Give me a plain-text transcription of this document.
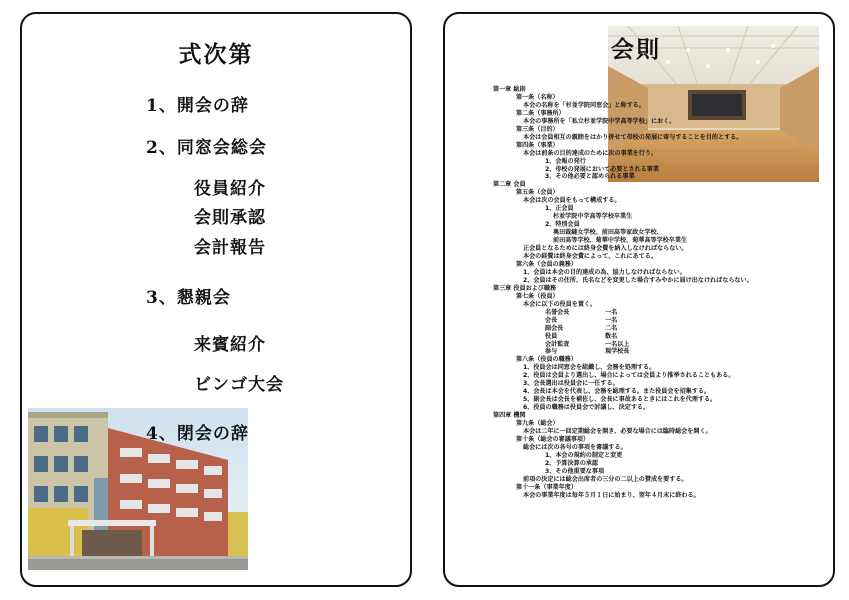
式次第
1、開会の辞
2、同窓会総会
役員紹介
会則承認
会計報告
3、懇親会
来賓紹介
ビンゴ大会
4、閉会の辞
会則
第一章 総則
第一条（名称）
本会の名称を「杉並学院同窓会」と称する。
第二条（事務所）
本会の事務所を「私立杉並学院中学高等学校」におく。
第三条（目的）
本会は会員相互の親睦をはかり併せて母校の発展に寄与することを目的とする。
第四条（事業）
本会は前条の目的達成のために次の事業を行う。
1、会報の発行
2、母校の発展において必要とされる事業
3、その他必要と認められる事業
第二章 会員
第五条（会員）
本会は次の会員をもって構成する。
1、正会員
杉並学院中学高等学校卒業生
2、特別会員
奥田裁縫女学校、前田高等家政女学校、
前田高等学校、菊華中学校、菊華高等学校卒業生
正会員となるためには終身会費を納入しなければならない。
本会の経費は終身会費によって、これにあてる。
第六条（会員の義務）
1、会員は本会の目的達成の為、協力しなければならない。
2、会員はその住所、氏名などを変更した場合すみやかに届け出なければならない。
第三章 役員および職務
第七条（役員）
本会に以下の役員を置く。
名誉会長	一名
会長	一名
副会長	二名
役員	数名
会計監査	一名以上
参与	現学校長
第八条（役員の職務）
1、役員会は同窓会を組織し、会務を処理する。
2、役員は会員より選出し、場合によっては会員より推挙されることもある。
3、会長選出は役員会に一任する。
4、会長は本会を代表し、会務を総理する。また役員会を招集する。
5、副会長は会長を補佐し、会長に事故あるときにはこれを代理する。
6、役員の職務は役員会で討議し、決定する。
第四章 機関
第九条（総会）
本会は二年に一回定期総会を開き、必要な場合には臨時総会を開く。
第十条（総会の審議事項）
総会には次の各号の事項を審議する。
1、本会の規約の制定と変更
2、予算決算の承認
3、その他重要な事項
前項の決定には総会出席者の三分の二以上の賛成を要する。
第十一条（事業年度）
本会の事業年度は毎年５月１日に始まり、翌年４月末に終わる。
